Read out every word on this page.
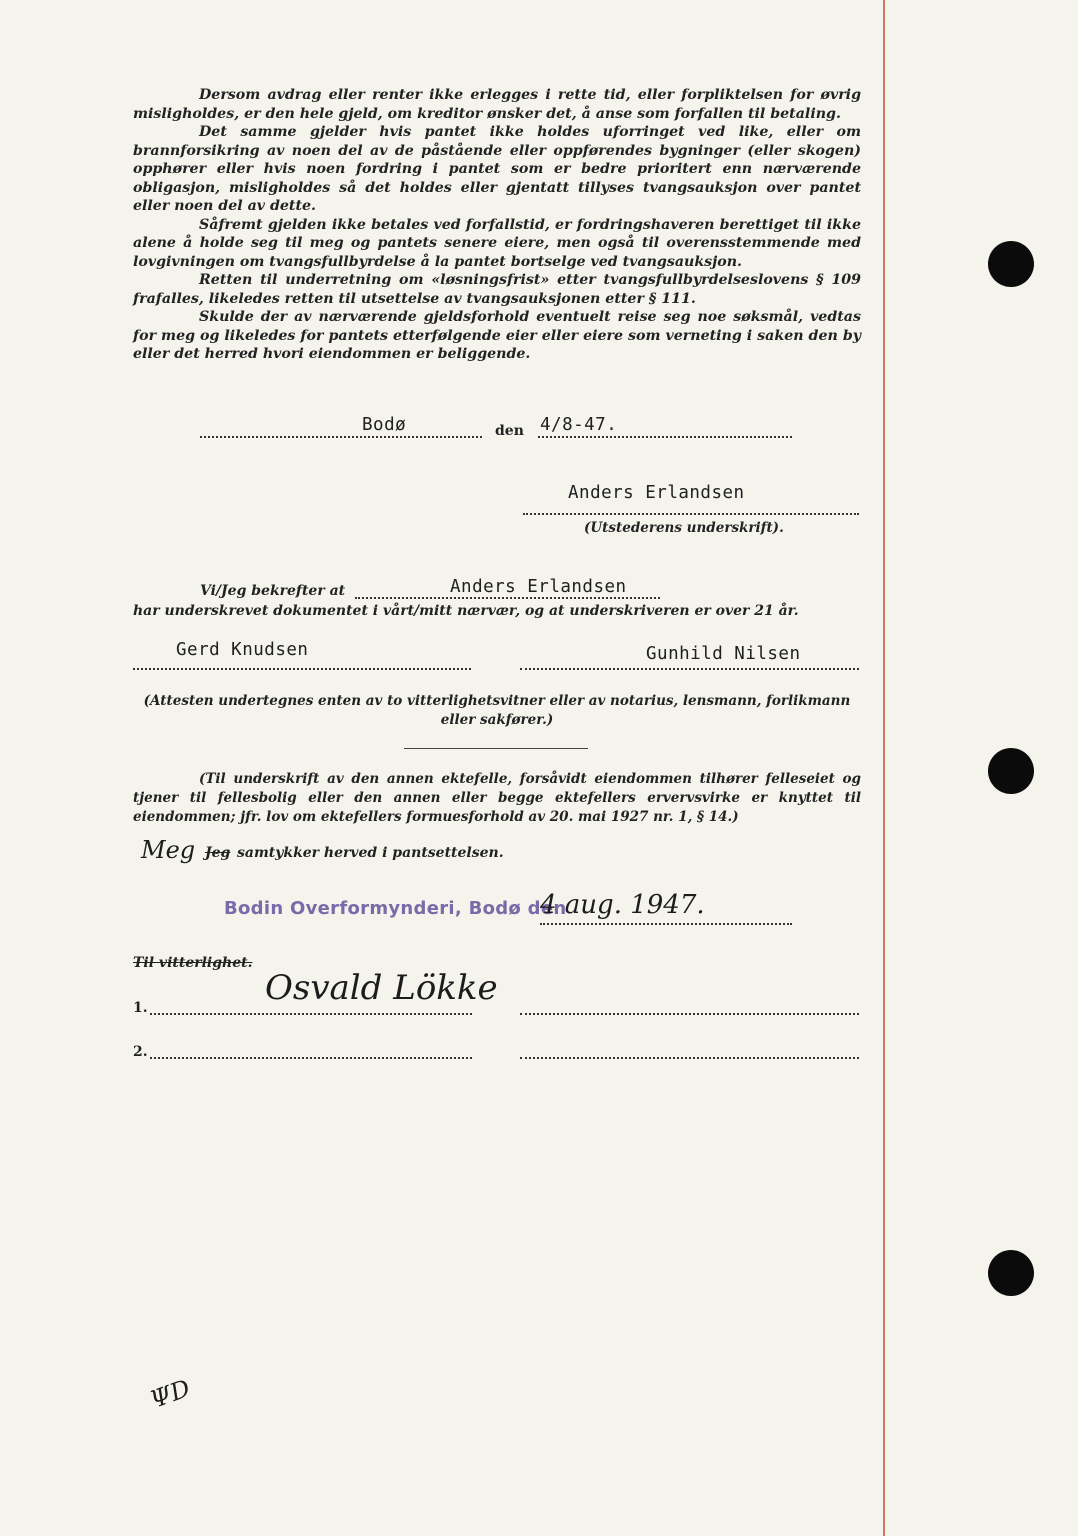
Dersom avdrag eller renter ikke erlegges i rette tid, eller forpliktelsen for øvrig misligholdes, er den hele gjeld, om kreditor ønsker det, å anse som forfallen til betaling.

Det samme gjelder hvis pantet ikke holdes uforringet ved like, eller om brannforsikring av noen del av de påstående eller oppførendes bygninger (eller skogen) opphører eller hvis noen fordring i pantet som er bedre prioritert enn nærværende obligasjon, misligholdes så det holdes eller gjentatt tillyses tvangsauksjon over pantet eller noen del av dette.

Såfremt gjelden ikke betales ved forfallstid, er fordringshaveren berettiget til ikke alene å holde seg til meg og pantets senere eiere, men også til overensstemmende med lovgivningen om tvangsfullbyrdelse å la pantet bortselge ved tvangsauksjon.

Retten til underretning om «løsningsfrist» etter tvangsfullbyrdelseslovens § 109 frafalles, likeledes retten til utsettelse av tvangsauksjonen etter § 111.

Skulde der av nærværende gjeldsforhold eventuelt reise seg noe søksmål, vedtas for meg og likeledes for pantets etterfølgende eier eller eiere som verneting i saken den by eller det herred hvori eiendommen er beliggende.

Bodø	den 4/8-47.
Anders Erlandsen
(Utstederens underskrift).
Vi/Jeg bekrefter at	Anders Erlandsen
har underskrevet dokumentet i vårt/mitt nærvær, og at underskriveren er over 21 år.
Gerd Knudsen	Gunhild Nilsen
(Attesten undertegnes enten av to vitterlighetsvitner eller av notarius, lensmann, forlikmann eller sakfører.)
(Til underskrift av den annen ektefelle, forsåvidt eiendommen tilhører felleseiet og tjener til fellesbolig eller den annen eller begge ektefellers ervervsvirke er knyttet til eiendommen; jfr. lov om ektefellers formuesforhold av 20. mai 1927 nr. 1, § 14.)
Meg Jeg samtykker herved i pantsettelsen.
Bodin Overformynderi, Bodø den
4 aug. 1947.
Til vitterlighet.
1.	Osvald Lökke
2.
ΨD
